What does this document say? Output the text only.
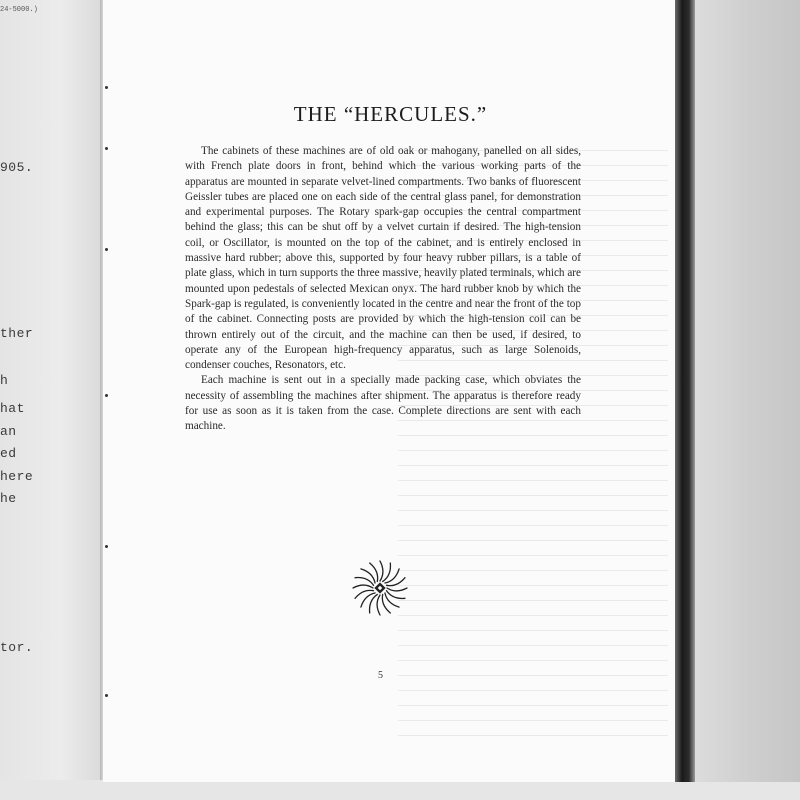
24-5000.)
905.
ther
h
hat
an
ed
here
he
tor.
THE “HERCULES.”

The cabinets of these machines are of old oak or mahogany, panelled on all sides, with French plate doors in front, behind which the various working parts of the apparatus are mounted in separate velvet-lined compartments. Two banks of fluorescent Geissler tubes are placed one on each side of the central glass panel, for demonstration and experimental purposes. The Rotary spark-gap occupies the central compartment behind the glass; this can be shut off by a velvet curtain if desired. The high-tension coil, or Oscillator, is mounted on the top of the cabinet, and is entirely enclosed in massive hard rubber; above this, supported by four heavy rubber pillars, is a table of plate glass, which in turn supports the three massive, heavily plated terminals, which are mounted upon pedestals of selected Mexican onyx. The hard rubber knob by which the Spark-gap is regulated, is conveniently located in the centre and near the front of the top of the cabinet. Connecting posts are provided by which the high-tension coil can be thrown entirely out of the circuit, and the machine can then be used, if desired, to operate any of the European high-frequency apparatus, such as large Solenoids, condenser couches, Resonators, etc.

Each machine is sent out in a specially made packing case, which obviates the necessity of assembling the machines after shipment. The apparatus is therefore ready for use as soon as it is taken from the case. Complete directions are sent with each machine.

5
